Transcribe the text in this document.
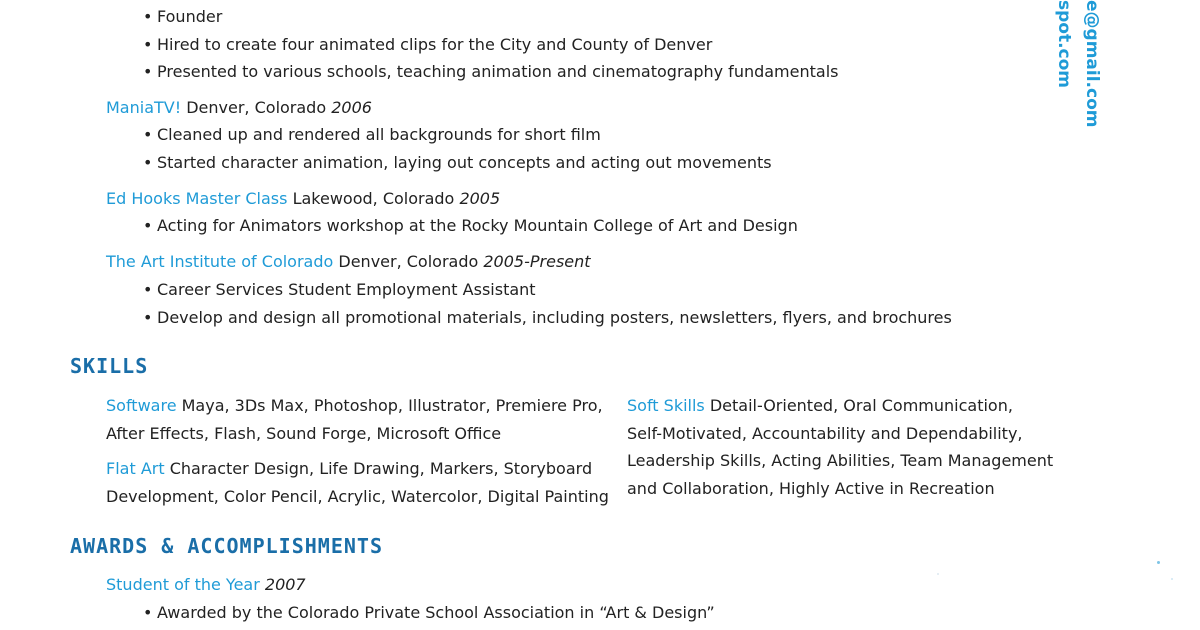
• Founder
• Hired to create four animated clips for the City and County of Denver
• Presented to various schools, teaching animation and cinematography fundamentals
ManiaTV! Denver, Colorado 2006
• Cleaned up and rendered all backgrounds for short film
• Started character animation, laying out concepts and acting out movements
Ed Hooks Master Class Lakewood, Colorado 2005
• Acting for Animators workshop at the Rocky Mountain College of Art and Design
The Art Institute of Colorado Denver, Colorado 2005-Present
• Career Services Student Employment Assistant
• Develop and design all promotional materials, including posters, newsletters, flyers, and brochures
SKILLS
Software Maya, 3Ds Max, Photoshop, Illustrator, Premiere Pro,
After Effects, Flash, Sound Forge, Microsoft Office
Flat Art Character Design, Life Drawing, Markers, Storyboard
Development, Color Pencil, Acrylic, Watercolor, Digital Painting
Soft Skills Detail-Oriented, Oral Communication,
Self-Motivated, Accountability and Dependability,
Leadership Skills, Acting Abilities, Team Management
and Collaboration, Highly Active in Recreation
AWARDS & ACCOMPLISHMENTS
Student of the Year 2007
• Awarded by the Colorado Private School Association in “Art & Design”
e@gmail.com
spot.com
